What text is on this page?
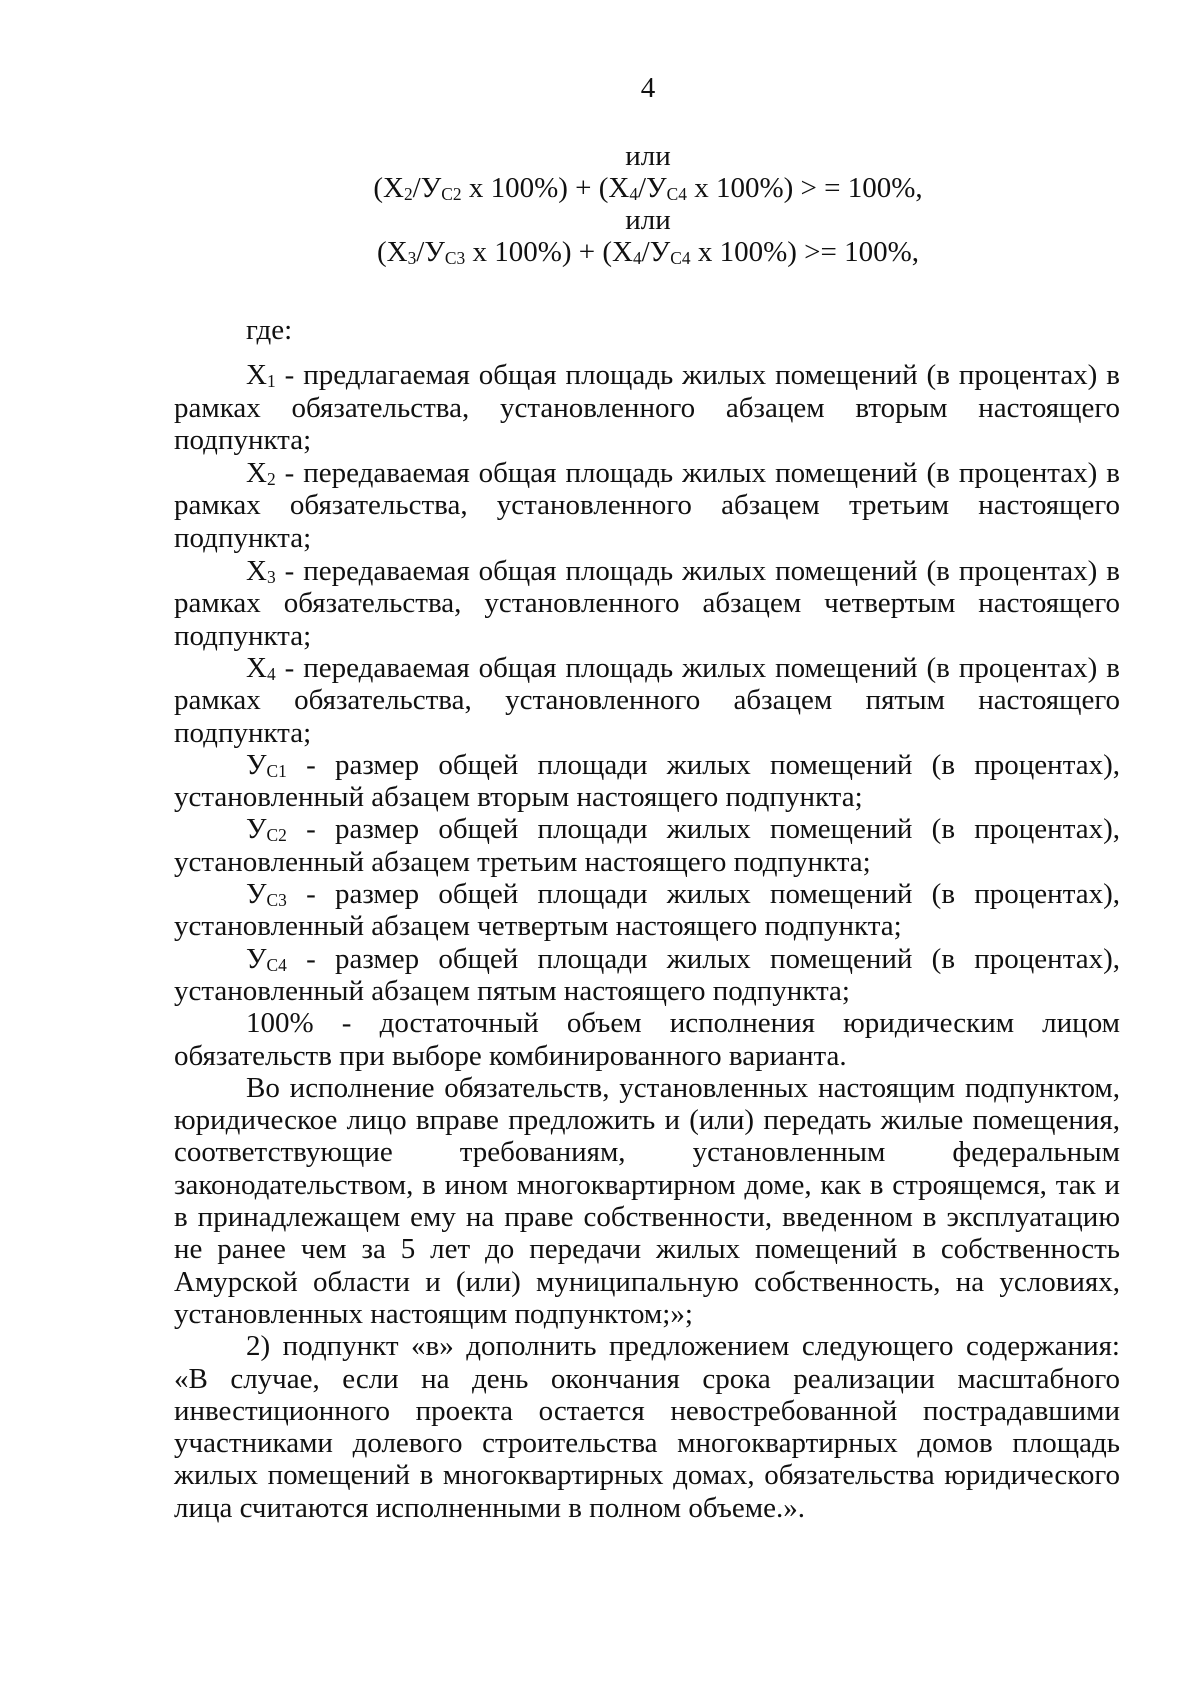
4
или
($X_2/У_{С2}$ x $100\%) + (X_4/У_{С4}$ x 100%) > = 100%,
или
($X_3/У_{С3}$ x $100\%) + (X_4/У_{С4}$ x 100%) >= 100%,

где:

$X_1$ - предлагаемая общая площадь жилых помещений (в процентах) в рамках обязательства, установленного абзацем вторым настоящего подпункта;

$X_2$ - передаваемая общая площадь жилых помещений (в процентах) в рамках обязательства, установленного абзацем третьим настоящего подпункта;

$X_3$ - передаваемая общая площадь жилых помещений (в процентах) в рамках обязательства, установленного абзацем четвертым настоящего подпункта;

$X_4$ - передаваемая общая площадь жилых помещений (в процентах) в рамках обязательства, установленного абзацем пятым настоящего подпункта;

$У_{С1}$ - размер общей площади жилых помещений (в процентах), установленный абзацем вторым настоящего подпункта;

$У_{С2}$ - размер общей площади жилых помещений (в процентах), установленный абзацем третьим настоящего подпункта;

$У_{С3}$ - размер общей площади жилых помещений (в процентах), установленный абзацем четвертым настоящего подпункта;

$У_{С4}$ - размер общей площади жилых помещений (в процентах), установленный абзацем пятым настоящего подпункта;

100% - достаточный объем исполнения юридическим лицом обязательств при выборе комбинированного варианта.

Во исполнение обязательств, установленных настоящим подпунктом, юридическое лицо вправе предложить и (или) передать жилые помещения, соответствующие требованиям, установленным федеральным законодательством, в ином многоквартирном доме, как в строящемся, так и в принадлежащем ему на праве собственности, введенном в эксплуатацию не ранее чем за 5 лет до передачи жилых помещений в собственность Амурской области и (или) муниципальную собственность, на условиях, установленных настоящим подпунктом;»;

2) подпункт «в» дополнить предложением следующего содержания: «В случае, если на день окончания срока реализации масштабного инвестиционного проекта остается невостребованной пострадавшими участниками долевого строительства многоквартирных домов площадь жилых помещений в многоквартирных домах, обязательства юридического лица считаются исполненными в полном объеме.».
